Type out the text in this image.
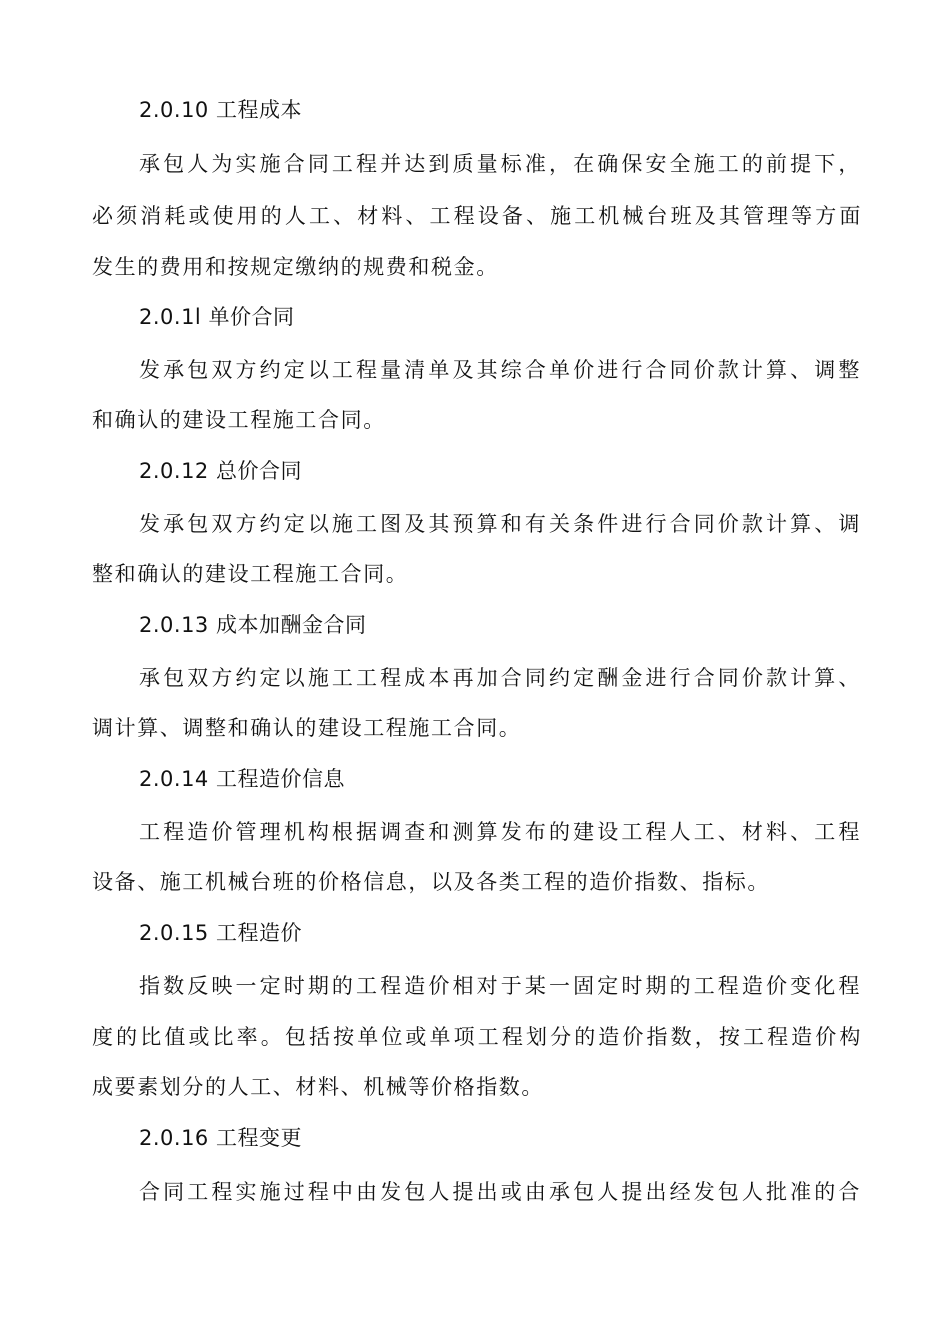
2.0.10 工程成本
承包人为实施合同工程并达到质量标准，在确保安全施工的前提下，
必须消耗或使用的人工、材料、工程设备、施工机械台班及其管理等方面
发生的费用和按规定缴纳的规费和税金。
2.0.1l 单价合同
发承包双方约定以工程量清单及其综合单价进行合同价款计算、调整
和确认的建设工程施工合同。
2.0.12 总价合同
发承包双方约定以施工图及其预算和有关条件进行合同价款计算、调
整和确认的建设工程施工合同。
2.0.13 成本加酬金合同
承包双方约定以施工工程成本再加合同约定酬金进行合同价款计算、
调计算、调整和确认的建设工程施工合同。
2.0.14 工程造价信息
工程造价管理机构根据调查和测算发布的建设工程人工、材料、工程
设备、施工机械台班的价格信息，以及各类工程的造价指数、指标。
2.0.15 工程造价
指数反映一定时期的工程造价相对于某一固定时期的工程造价变化程
度的比值或比率。包括按单位或单项工程划分的造价指数，按工程造价构
成要素划分的人工、材料、机械等价格指数。
2.0.16 工程变更
合同工程实施过程中由发包人提出或由承包人提出经发包人批准的合
